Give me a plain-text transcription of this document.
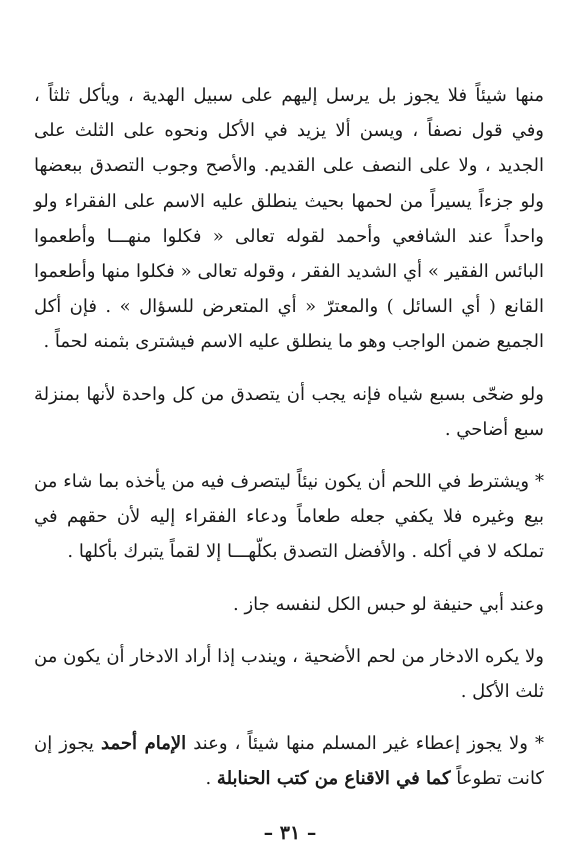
منها شيئاً فلا يجوز بل يرسل إليهم على سبيل الهدية ، ويأكل ثلثاً ، وفي قول نصفاً ، ويسن ألا يزيد في الأكل ونحوه على الثلث على الجديد ، ولا على النصف على القديم. والأصح وجوب التصدق ببعضها ولو جزءاً يسيراً من لحمها بحيث ينطلق عليه الاسم على الفقراء ولو واحداً عند الشافعي وأحمد لقوله تعالى « فكلوا منهـــا وأطعموا البائس الفقير » أي الشديد الفقر ، وقوله تعالى « فكلوا منها وأطعموا القانع ( أي السائل ) والمعترّ « أي المتعرض للسؤال » . فإن أكل الجميع ضمن الواجب وهو ما ينطلق عليه الاسم فيشترى بثمنه لحماً .

ولو ضحّى بسبع شياه فإنه يجب أن يتصدق من كل واحدة لأنها بمنزلة سبع أضاحي .

* ويشترط في اللحم أن يكون نيئاً ليتصرف فيه من يأخذه بما شاء من بيع وغيره فلا يكفي جعله طعاماً ودعاء الفقراء إليه لأن حقهم في تملكه لا في أكله . والأفضل التصدق بكلّهـــا إلا لقماً يتبرك بأكلها .

وعند أبي حنيفة لو حبس الكل لنفسه جاز .

ولا يكره الادخار من لحم الأضحية ، ويندب إذا أراد الادخار أن يكون من ثلث الأكل .

* ولا يجوز إعطاء غير المسلم منها شيئاً ، وعند الإمام أحمد يجوز إن كانت تطوعاً كما في الاقناع من كتب الحنابلة .

– ٣١ –
